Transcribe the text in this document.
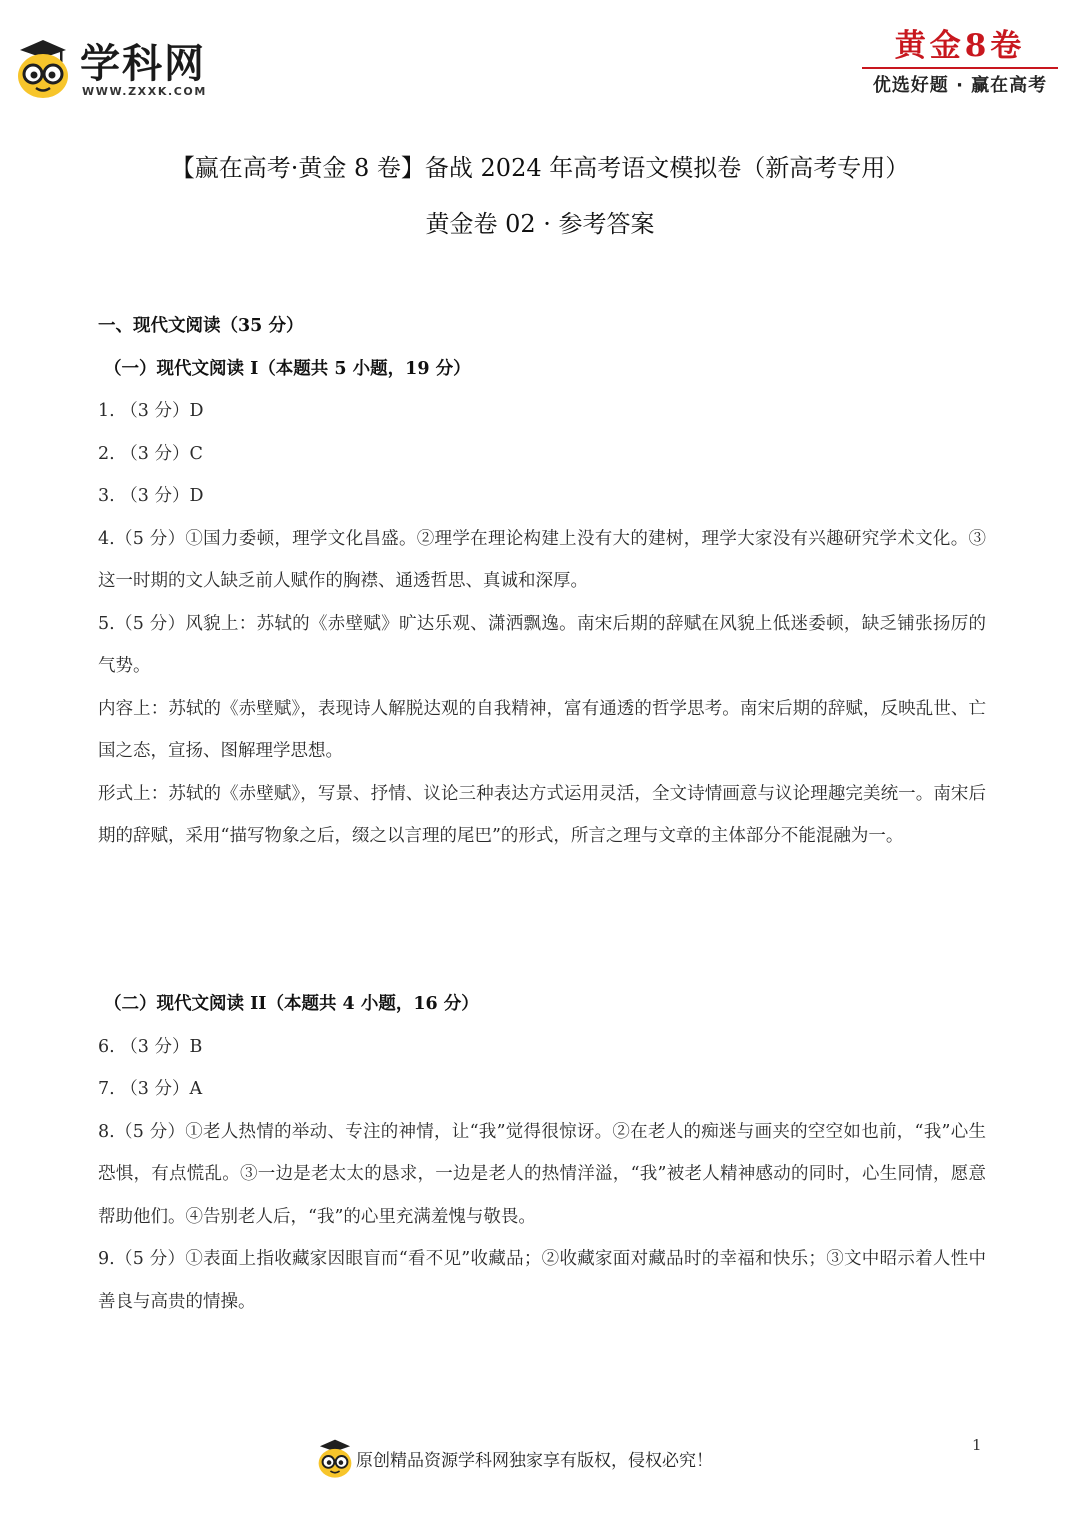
学科网
WWW.ZXXK.COM
黄金8卷
优选好题 · 赢在高考
【赢在高考·黄金 8 卷】备战 2024 年高考语文模拟卷（新高考专用）
黄金卷 02 · 参考答案
一、现代文阅读（35 分）
（一）现代文阅读 I（本题共 5 小题，19 分）
1. （3 分）D
2. （3 分）C
3. （3 分）D
4.（5 分）①国力委顿，理学文化昌盛。②理学在理论构建上没有大的建树，理学大家没有兴趣研究学术文化。③这一时期的文人缺乏前人赋作的胸襟、通透哲思、真诚和深厚。
5.（5 分）风貌上：苏轼的《赤壁赋》旷达乐观、潇洒飘逸。南宋后期的辞赋在风貌上低迷委顿，缺乏铺张扬厉的气势。
内容上：苏轼的《赤壁赋》，表现诗人解脱达观的自我精神，富有通透的哲学思考。南宋后期的辞赋，反映乱世、亡国之态，宣扬、图解理学思想。
形式上：苏轼的《赤壁赋》，写景、抒情、议论三种表达方式运用灵活，全文诗情画意与议论理趣完美统一。南宋后期的辞赋，采用“描写物象之后，缀之以言理的尾巴”的形式，所言之理与文章的主体部分不能混融为一。
（二）现代文阅读 II（本题共 4 小题，16 分）
6. （3 分）B
7. （3 分）A
8.（5 分）①老人热情的举动、专注的神情，让“我”觉得很惊讶。②在老人的痴迷与画夹的空空如也前，“我”心生恐惧，有点慌乱。③一边是老太太的恳求，一边是老人的热情洋溢，“我”被老人精神感动的同时，心生同情，愿意帮助他们。④告别老人后，“我”的心里充满羞愧与敬畏。
9.（5 分）①表面上指收藏家因眼盲而“看不见”收藏品；②收藏家面对藏品时的幸福和快乐；③文中昭示着人性中善良与高贵的情操。
原创精品资源学科网独家享有版权，侵权必究！
1
